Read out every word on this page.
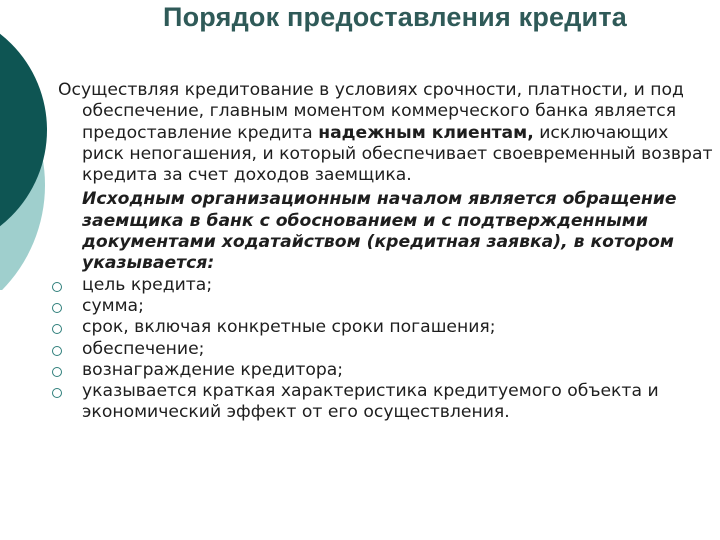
Порядок предоставления кредита

Осуществляя кредитование в условиях срочности, платности, и под обеспечение, главным моментом коммерческого банка является предоставление кредита надежным клиентам, исключающих риск непогашения, и который обеспечивает своевременный возврат кредита за счет доходов заемщика.

Исходным организационным началом является обращение заемщика в банк с обоснованием и с подтвержденными документами ходатайством (кредитная заявка), в котором указывается:

цель кредита;
сумма;
срок, включая конкретные сроки погашения;
обеспечение;
вознаграждение кредитора;
указывается краткая характеристика кредитуемого объекта и экономический эффект от его осуществления.
